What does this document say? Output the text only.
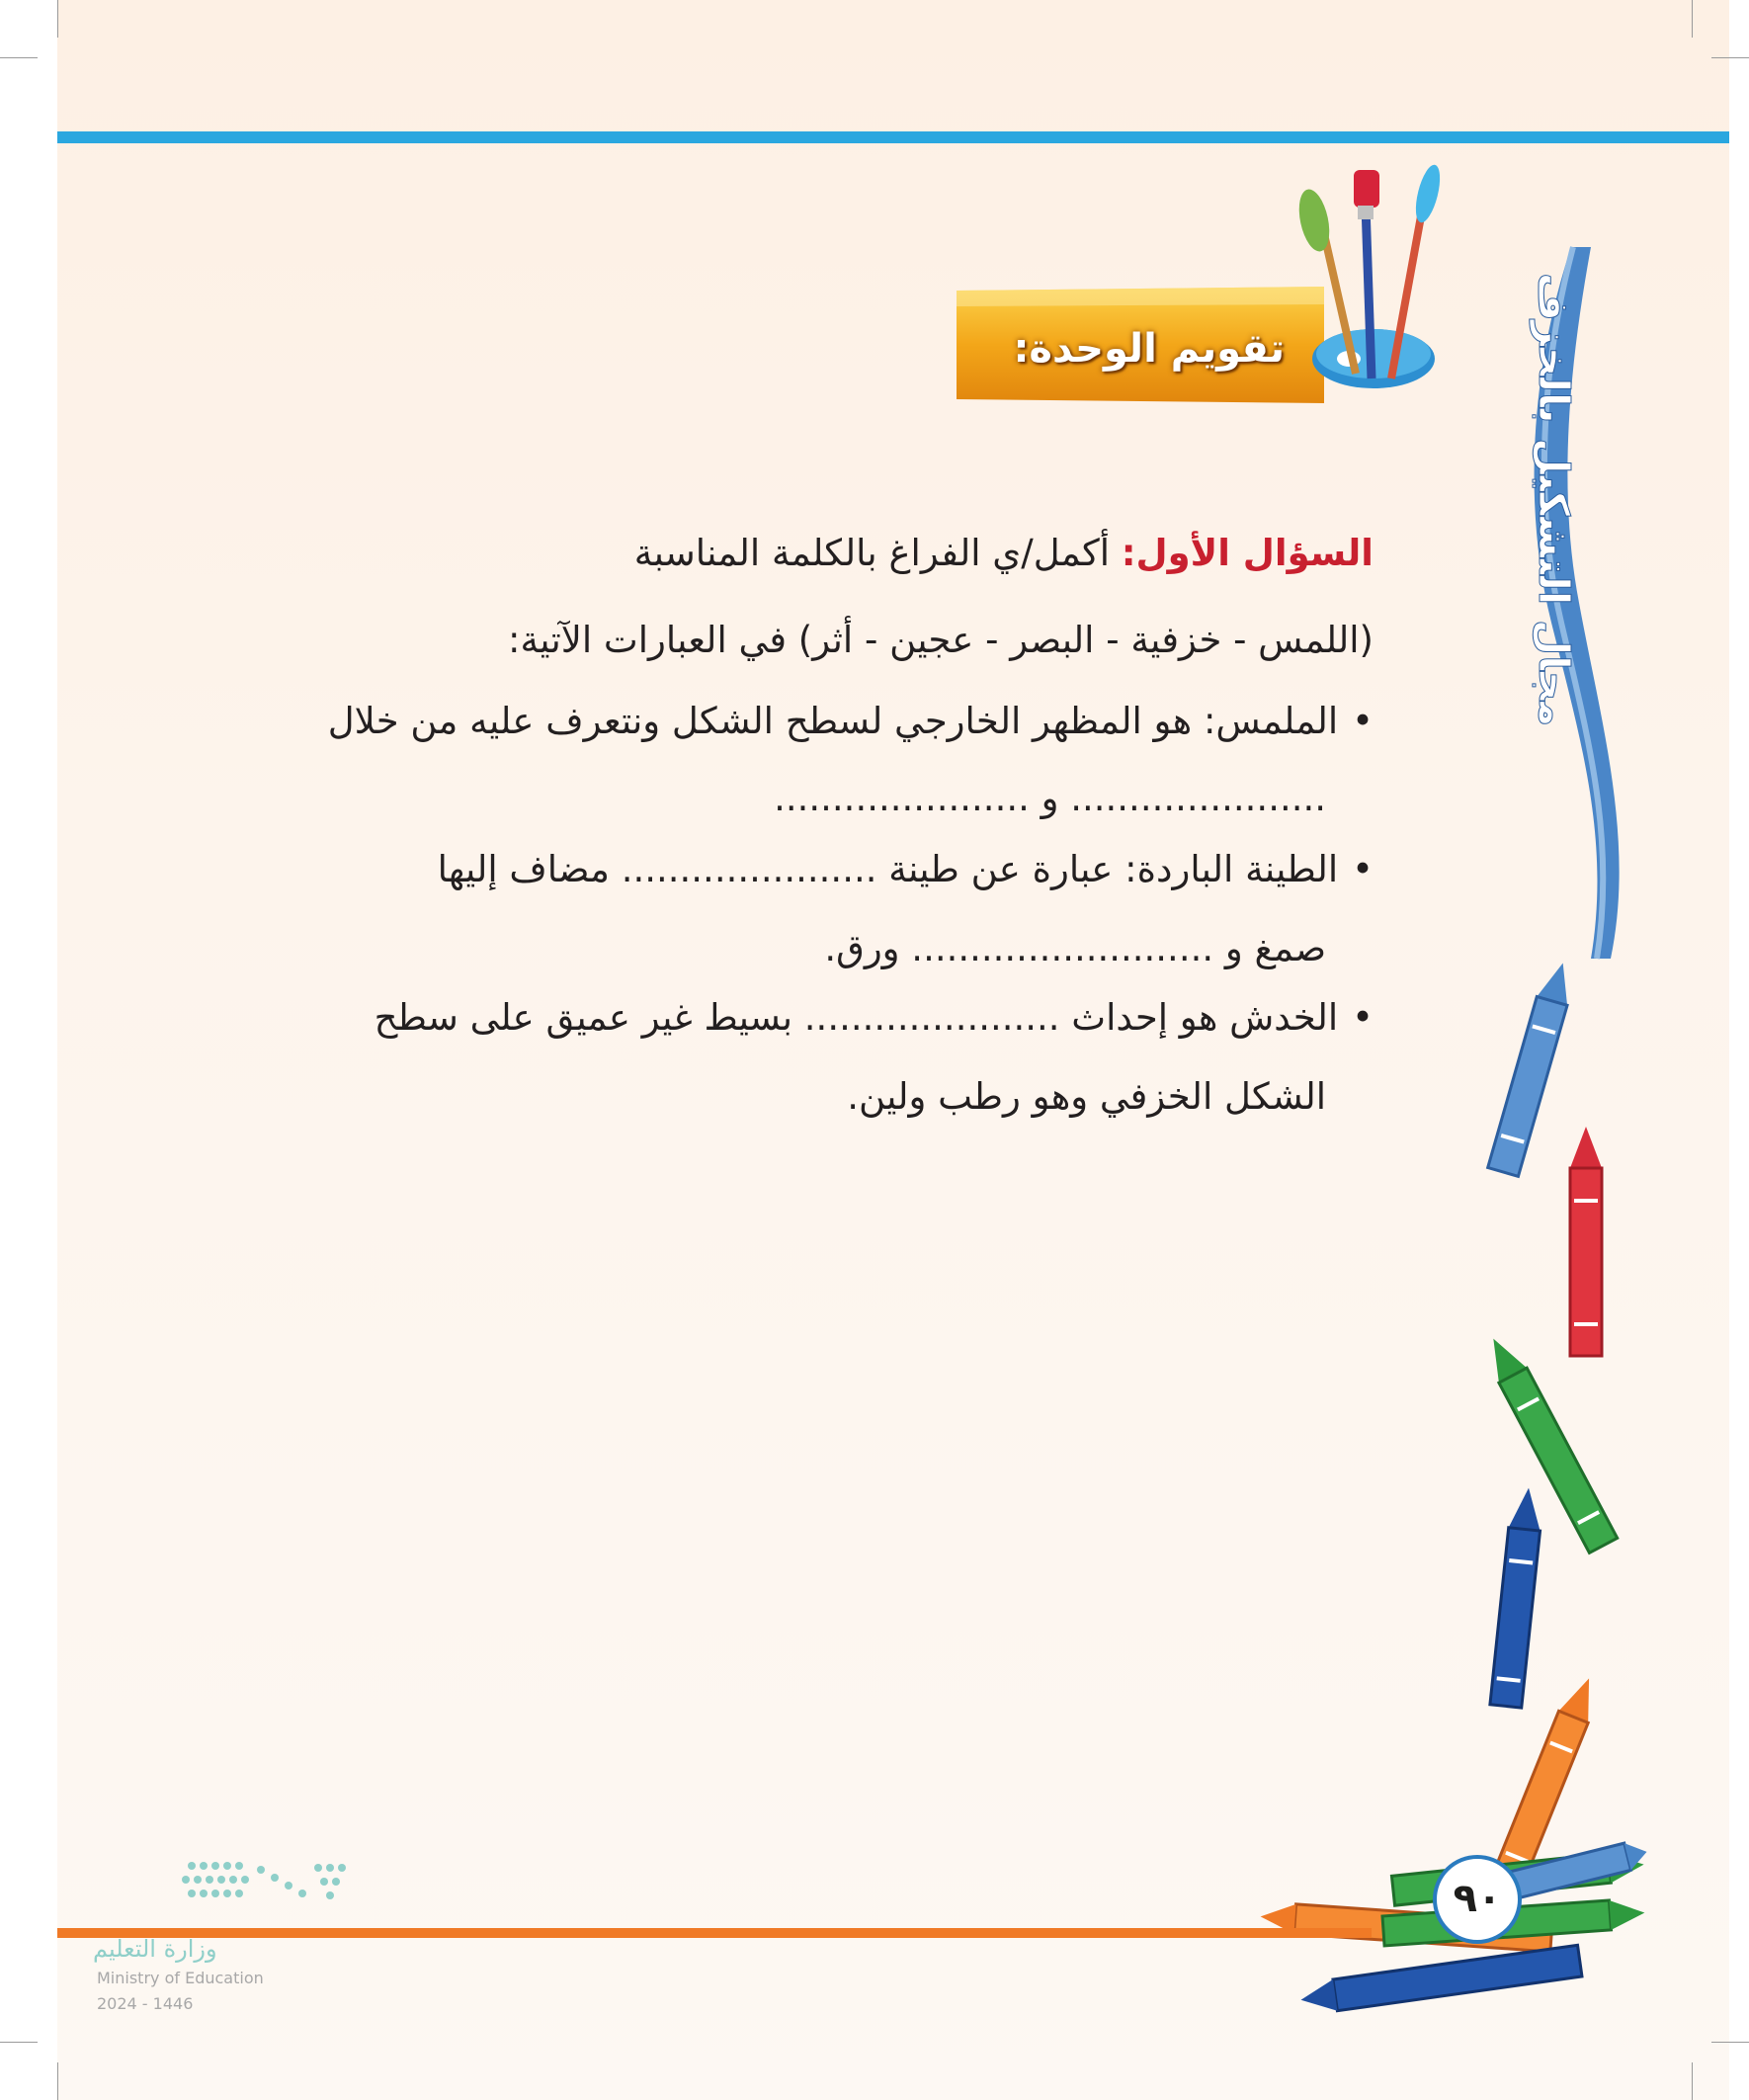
تقويم الوحدة:	مجال التشكيل بالخزف
السؤال الأول: أكمل/ي الفراغ بالكلمة المناسبة
(اللمس - خزفية - البصر - عجين - أثر) في العبارات الآتية:
•الملمس: هو المظهر الخارجي لسطح الشكل ونتعرف عليه من خلال
...................... و ......................
•الطينة الباردة: عبارة عن طينة ...................... مضاف إليها
صمغ و .......................... ورق.
•الخدش هو إحداث ...................... بسيط غير عميق على سطح
الشكل الخزفي وهو رطب ولين.
٩٠
وزارة التعليم
Ministry of Education
2024 - 1446
